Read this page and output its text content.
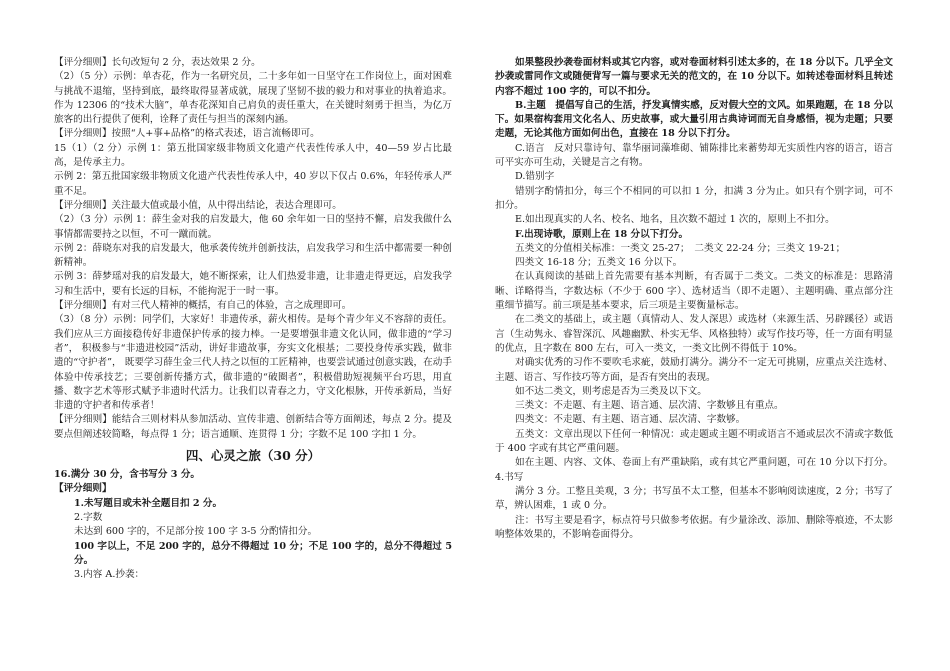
【评分细则】长句改短句 2 分，表达效果 2 分。

（2）（5 分）示例：单杏花，作为一名研究员，二十多年如一日坚守在工作岗位上，面对困难与挑战不退缩，坚持到底，最终取得显著成就，展现了坚韧不拔的毅力和对事业的执着追求。作为 12306 的“技术大脑”，单杏花深知自己肩负的责任重大，在关键时刻勇于担当，为亿万旅客的出行提供了便利，诠释了责任与担当的深刻内涵。

【评分细则】按照“人+事+品格”的格式表述，语言流畅即可。

15（1）（2 分）示例 1：第五批国家级非物质文化遗产代表性传承人中，40—59 岁占比最高，是传承主力。

示例 2：第五批国家级非物质文化遗产代表性传承人中，40 岁以下仅占 0.6%，年轻传承人严重不足。

【评分细则】关注最大值或最小值，从中得出结论，表达合理即可。

（2）（3 分）示例 1：薛生金对我的启发最大，他 60 余年如一日的坚持不懈，启发我做什么事情都需要持之以恒，不可一蹴而就。

示例 2：薛晓东对我的启发最大，他承袭传统并创新技法，启发我学习和生活中都需要一种创新精神。

示例 3：薛梦瑶对我的启发最大，她不断探索，让人们热爱非遗，让非遗走得更远，启发我学习和生活中，要有长远的目标，不能拘泥于一时一事。

【评分细则】有对三代人精神的概括，有自己的体验，言之成理即可。

（3）（8 分）示例：同学们，大家好！非遗传承，薪火相传。是每个青少年义不容辞的责任。我们应从三方面接稳传好非遗保护传承的接力棒。一是要增强非遗文化认同，做非遗的“学习者”， 积极参与“非遗进校园”活动，讲好非遗故事，夯实文化根基；二要投身传承实践，做非遗的“守护者”， 既要学习薛生金三代人持之以恒的工匠精神，也要尝试通过创意实践，在动手体验中传承技艺；三要创新传播方式，做非遗的“破圈者”，积极借助短视频平台巧思，用直播、数字艺术等形式赋予非遗时代活力。让我们以青春之力，守文化根脉，开传承新局，当好非遗的守护者和传承者！

【评分细则】能结合三则材料从参加活动、宣传非遗、创新结合等方面阐述，每点 2 分。提及要点但阐述较简略，每点得 1 分；语言通顺、连贯得 1 分；字数不足 100 字扣 1 分。

四、心灵之旅（30 分）

16.满分 30 分，含书写分 3 分。

【评分细则】

1.未写题目或未补全题目扣 2 分。

2.字数

未达到 600 字的，不足部分按 100 字 3-5 分酌情扣分。

100 字以上，不足 200 字的，总分不得超过 10 分；不足 100 字的，总分不得超过 5 分。

3.内容 A.抄袭：

如果整段抄袭卷面材料或其它内容，或对卷面材料引述太多的，在 18 分以下。几乎全文抄袭或雷同作文或随便背写一篇与要求无关的范文的，在 10 分以下。如转述卷面材料且转述内容不超过 100 字的，可以不扣分。

B.主题　提倡写自己的生活，抒发真情实感，反对假大空的文风。如果跑题，在 18 分以下。如果宿构套用文化名人、历史故事，或大量引用古典诗词而无自身感悟，视为走题；只要走题，无论其他方面如何出色，直接在 18 分以下打分。

C.语言　反对只靠诗句、靠华丽词藻堆砌、铺陈排比来蓄势却无实质性内容的语言，语言可平实亦可生动，关键是言之有物。

D.错别字

错别字酌情扣分，每三个不相同的可以扣 1 分，扣满 3 分为止。如只有个别字词，可不扣分。

E.如出现真实的人名、校名、地名，且次数不超过 1 次的，原则上不扣分。

F.出现诗歌，原则上在 18 分以下打分。

五类文的分值相关标准：一类文 25-27；　二类文 22-24 分；三类文 19-21；

四类文 16-18 分；五类文 16 分以下。

在认真阅读的基础上首先需要有基本判断，有否属于二类文。二类文的标准是：思路清晰、详略得当，字数达标（不少于 600 字）、选材适当（即不走题）、主题明确、重点部分注重细节描写。前三项是基本要求，后三项是主要衡量标志。

在二类文的基础上，或主题（真情动人、发人深思）或选材（来源生活、另辟蹊径）或语言（生动隽永、睿智深沉、风趣幽默、朴实无华、风格独特）或写作技巧等，任一方面有明显的优点，且字数在 800 左右，可入一类文，一类文比例不得低于 10%。

对确实优秀的习作不要吹毛求疵，鼓励打满分。满分不一定无可挑剔，应重点关注选材、主题、语言、写作技巧等方面，是否有突出的表现。

如不达二类文，则考虑是否为三类及以下文。

三类文：不走题、有主题、语言通、层次清、字数够且有重点。

四类文：不走题、有主题、语言通、层次清、字数够。

五类文：文章出现以下任何一种情况：或走题或主题不明或语言不通或层次不清或字数低于 400 字或有其它严重问题。

如在主题、内容、文体、卷面上有严重缺陷，或有其它严重问题，可在 10 分以下打分。4.书写

满分 3 分。工整且美观，3 分；书写虽不太工整，但基本不影响阅读速度，2 分；书写了草，辨认困难，1 或 0 分。

注：书写主要是看字，标点符号只做参考依据。有少量涂改、添加、删除等痕迹，不太影响整体效果的，不影响卷面得分。
